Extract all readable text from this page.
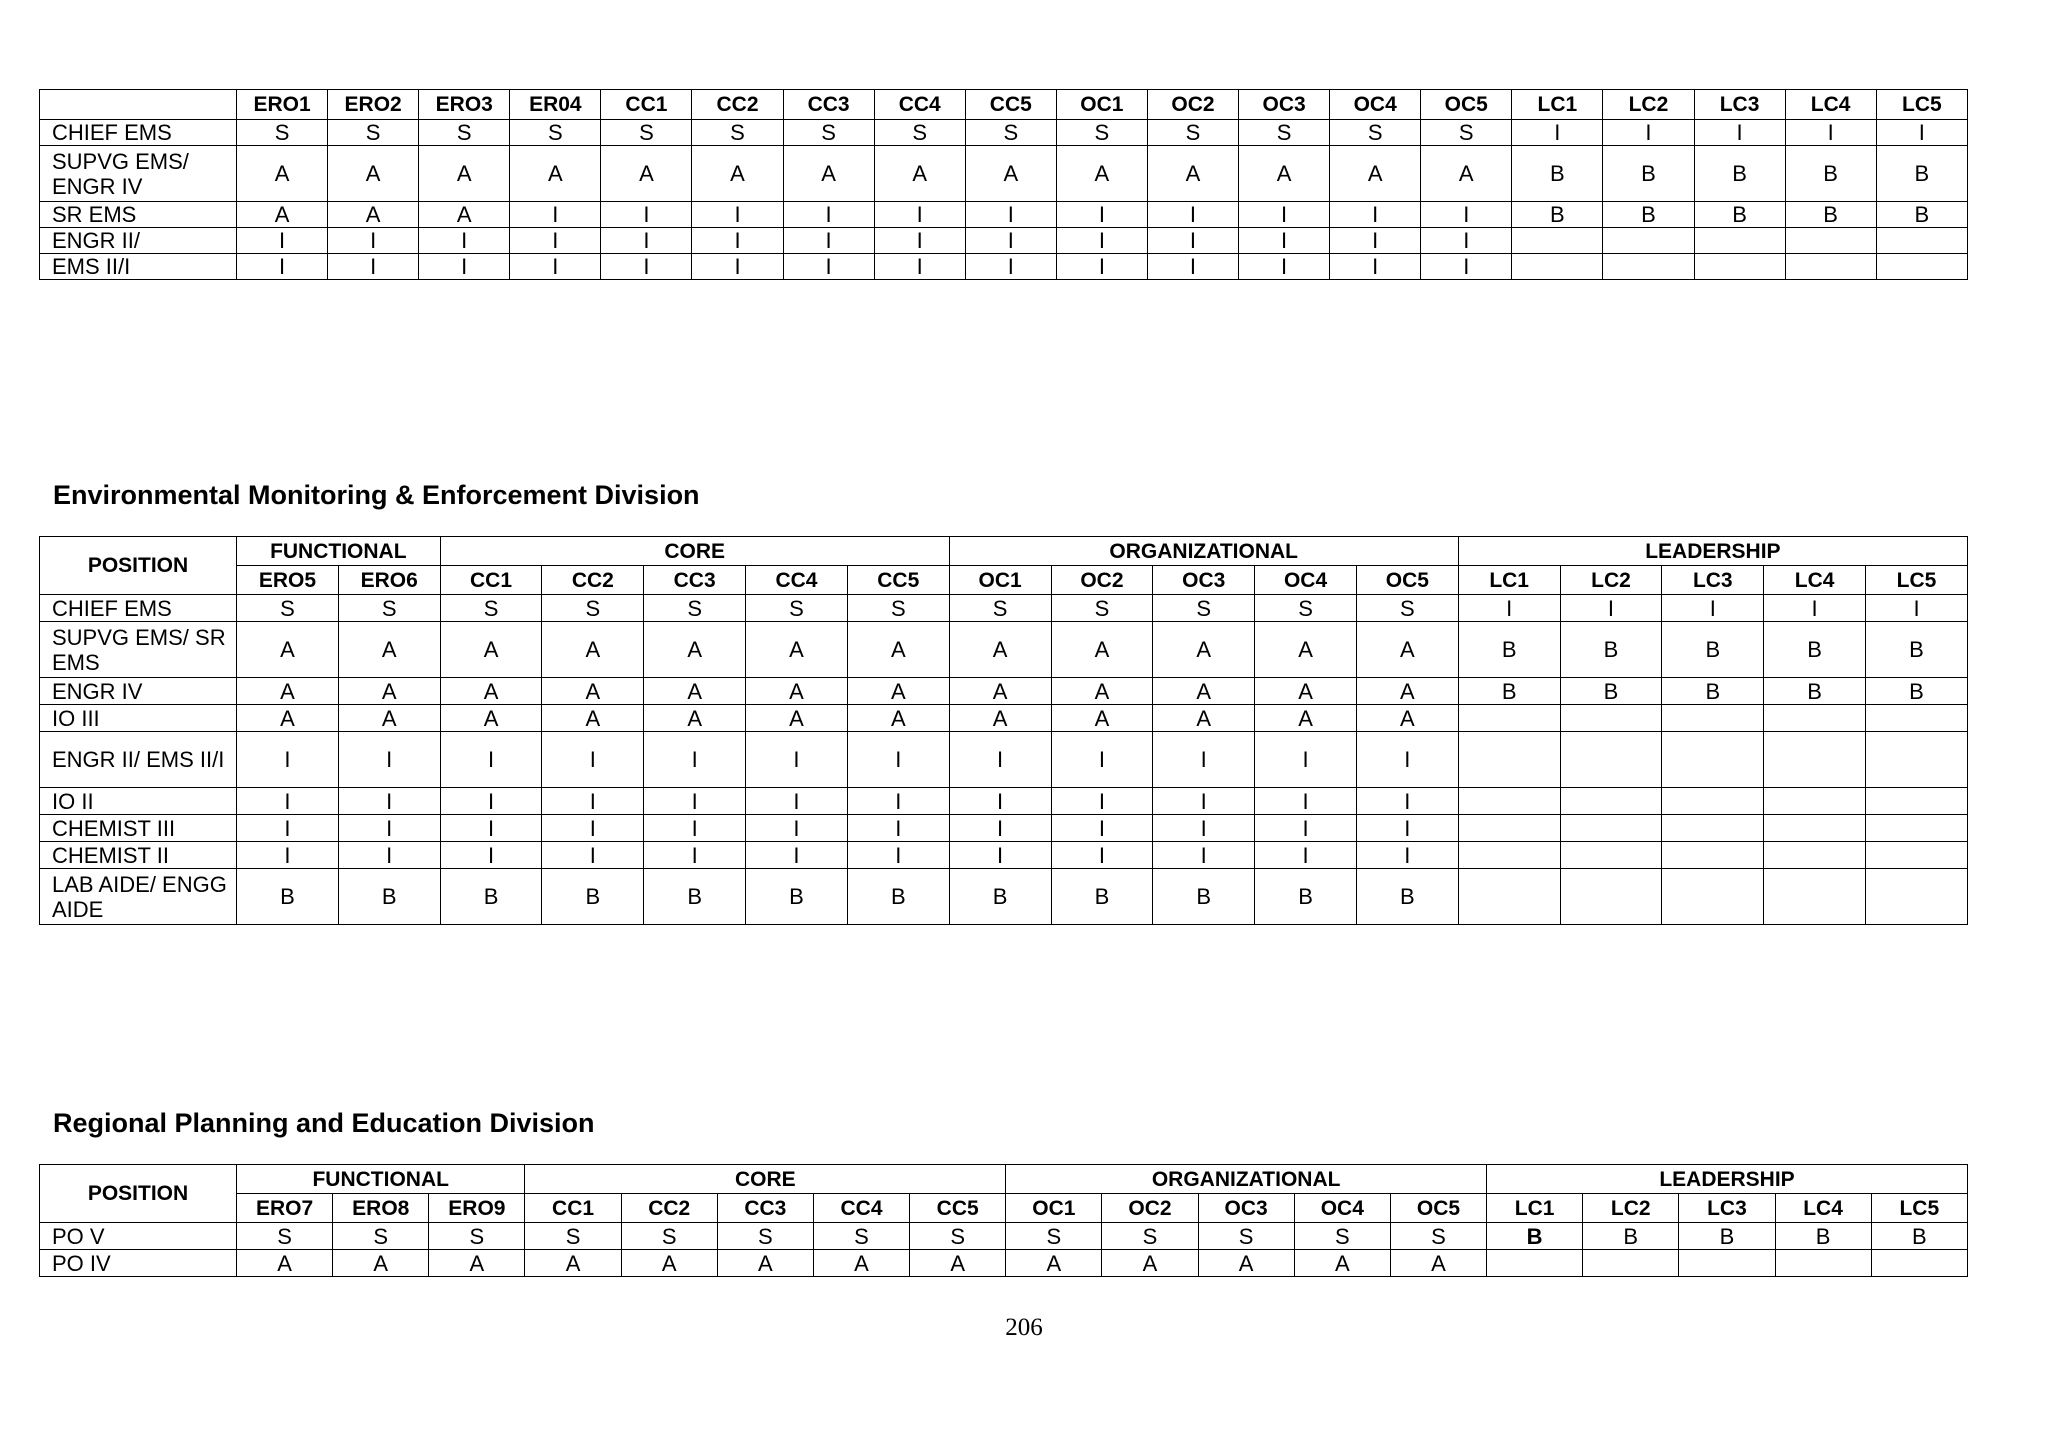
	ERO1	ERO2	ERO3	ER04	CC1	CC2	CC3	CC4	CC5	OC1	OC2	OC3	OC4	OC5	LC1	LC2	LC3	LC4	LC5
CHIEF EMS	S	S	S	S	S	S	S	S	S	S	S	S	S	S	I	I	I	I	I
SUPVG EMS/ ENGR IV	A	A	A	A	A	A	A	A	A	A	A	A	A	A	B	B	B	B	B
SR EMS	A	A	A	I	I	I	I	I	I	I	I	I	I	I	B	B	B	B	B
ENGR II/	I	I	I	I	I	I	I	I	I	I	I	I	I	I					
EMS II/I	I	I	I	I	I	I	I	I	I	I	I	I	I	I					
Environmental Monitoring & Enforcement Division
POSITION	FUNCTIONAL		CORE					ORGANIZATIONAL					LEADERSHIP				
	ERO5	ERO6	CC1	CC2	CC3	CC4	CC5	OC1	OC2	OC3	OC4	OC5	LC1	LC2	LC3	LC4	LC5
CHIEF EMS	S	S	S	S	S	S	S	S	S	S	S	S	I	I	I	I	I
SUPVG EMS/ SR EMS	A	A	A	A	A	A	A	A	A	A	A	A	B	B	B	B	B
ENGR IV	A	A	A	A	A	A	A	A	A	A	A	A	B	B	B	B	B
IO III	A	A	A	A	A	A	A	A	A	A	A	A					
ENGR II/ EMS II/I	I	I	I	I	I	I	I	I	I	I	I	I					
IO II	I	I	I	I	I	I	I	I	I	I	I	I					
CHEMIST III	I	I	I	I	I	I	I	I	I	I	I	I					
CHEMIST II	I	I	I	I	I	I	I	I	I	I	I	I					
LAB AIDE/ ENGG AIDE	B	B	B	B	B	B	B	B	B	B	B	B					
Regional Planning and Education Division
POSITION	FUNCTIONAL			CORE					ORGANIZATIONAL					LEADERSHIP				
	ERO7	ERO8	ERO9	CC1	CC2	CC3	CC4	CC5	OC1	OC2	OC3	OC4	OC5	LC1	LC2	LC3	LC4	LC5
PO V	S	S	S	S	S	S	S	S	S	S	S	S	S	B	B	B	B	B
PO IV	A	A	A	A	A	A	A	A	A	A	A	A	A					
206
